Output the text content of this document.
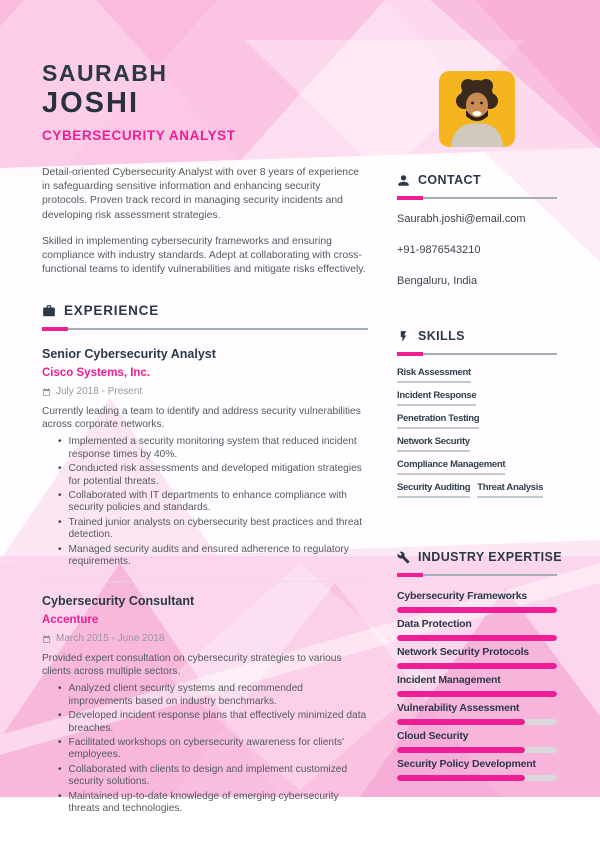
SAURABH
JOSHI
CYBERSECURITY ANALYST

Detail-oriented Cybersecurity Analyst with over 8 years of experience in safeguarding sensitive information and enhancing security protocols. Proven track record in managing security incidents and developing risk assessment strategies.

Skilled in implementing cybersecurity frameworks and ensuring compliance with industry standards. Adept at collaborating with cross-functional teams to identify vulnerabilities and mitigate risks effectively.

EXPERIENCE
Senior Cybersecurity Analyst
Cisco Systems, Inc.
July 2018 - Present

Currently leading a team to identify and address security vulnerabilities across corporate networks.

• Implemented a security monitoring system that reduced incident response times by 40%.
• Conducted risk assessments and developed mitigation strategies for potential threats.
• Collaborated with IT departments to enhance compliance with security policies and standards.
• Trained junior analysts on cybersecurity best practices and threat detection.
• Managed security audits and ensured adherence to regulatory requirements.
Cybersecurity Consultant
Accenture
March 2015 - June 2018

Provided expert consultation on cybersecurity strategies to various clients across multiple sectors.

• Analyzed client security systems and recommended improvements based on industry benchmarks.
• Developed incident response plans that effectively minimized data breaches.
• Facilitated workshops on cybersecurity awareness for clients' employees.
• Collaborated with clients to design and implement customized security solutions.
• Maintained up-to-date knowledge of emerging cybersecurity threats and technologies.
CONTACT
Saurabh.joshi@email.com
+91-9876543210
Bengaluru, India
SKILLS
Risk Assessment
Incident Response
Penetration Testing
Network Security
Compliance Management
Security Auditing Threat Analysis
INDUSTRY EXPERTISE
Cybersecurity Frameworks
Data Protection
Network Security Protocols
Incident Management
Vulnerability Assessment
Cloud Security
Security Policy Development
